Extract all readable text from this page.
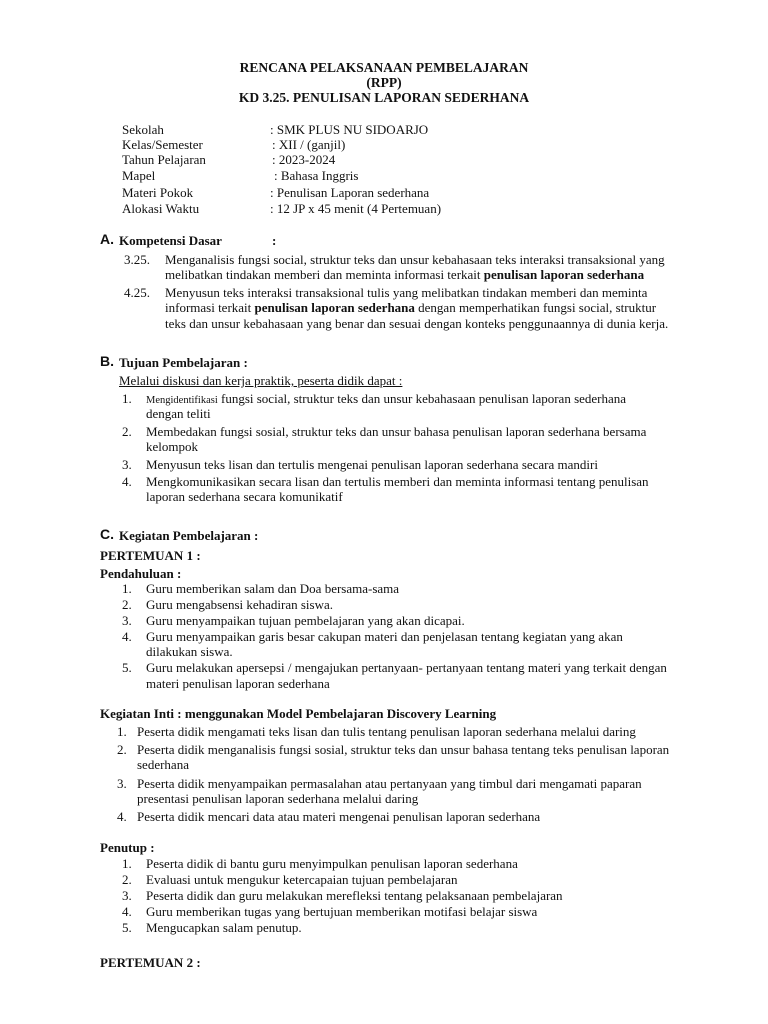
RENCANA PELAKSANAAN PEMBELAJARAN
(RPP)
KD 3.25. PENULISAN LAPORAN SEDERHANA
Sekolah	: SMK PLUS NU SIDOARJO
Kelas/Semester	: XII / (ganjil)
Tahun Pelajaran	: 2023-2024
Mapel	: Bahasa Inggris
Materi Pokok	: Penulisan Laporan sederhana
Alokasi Waktu	: 12 JP x 45 menit (4 Pertemuan)
A. Kompetensi Dasar	:
3.25. Menganalisis fungsi social, struktur teks dan unsur kebahasaan teks interaksi transaksional yang
melibatkan tindakan memberi dan meminta informasi terkait penulisan laporan sederhana
4.25. Menyusun teks interaksi transaksional tulis yang melibatkan tindakan memberi dan meminta
informasi terkait penulisan laporan sederhana dengan memperhatikan fungsi social, struktur
teks dan unsur kebahasaan yang benar dan sesuai dengan konteks penggunaannya di dunia kerja.
B. Tujuan Pembelajaran :
Melalui diskusi dan kerja praktik, peserta didik dapat :
1. Mengidentifikasi fungsi social, struktur teks dan unsur kebahasaan penulisan laporan sederhana
dengan teliti
2. Membedakan fungsi sosial, struktur teks dan unsur bahasa penulisan laporan sederhana bersama
kelompok
3. Menyusun teks lisan dan tertulis mengenai penulisan laporan sederhana secara mandiri
4. Mengkomunikasikan secara lisan dan tertulis memberi dan meminta informasi tentang penulisan
laporan sederhana secara komunikatif
C. Kegiatan Pembelajaran :
PERTEMUAN 1 :
Pendahuluan :
1. Guru memberikan salam dan Doa bersama-sama
2. Guru mengabsensi kehadiran siswa.
3. Guru menyampaikan tujuan pembelajaran yang akan dicapai.
4. Guru menyampaikan garis besar cakupan materi dan penjelasan tentang kegiatan yang akan
dilakukan siswa.
5. Guru melakukan apersepsi / mengajukan pertanyaan- pertanyaan tentang materi yang terkait dengan
materi penulisan laporan sederhana
Kegiatan Inti : menggunakan Model Pembelajaran Discovery Learning
1. Peserta didik mengamati teks lisan dan tulis tentang penulisan laporan sederhana melalui daring
2. Peserta didik menganalisis fungsi sosial, struktur teks dan unsur bahasa tentang teks penulisan laporan
sederhana
3. Peserta didik menyampaikan permasalahan atau pertanyaan yang timbul dari mengamati paparan
presentasi penulisan laporan sederhana melalui daring
4. Peserta didik mencari data atau materi mengenai penulisan laporan sederhana
Penutup :
1. Peserta didik di bantu guru menyimpulkan penulisan laporan sederhana
2. Evaluasi untuk mengukur ketercapaian tujuan pembelajaran
3. Peserta didik dan guru melakukan merefleksi tentang pelaksanaan pembelajaran
4. Guru memberikan tugas yang bertujuan memberikan motifasi belajar siswa
5. Mengucapkan salam penutup.
PERTEMUAN 2 :
